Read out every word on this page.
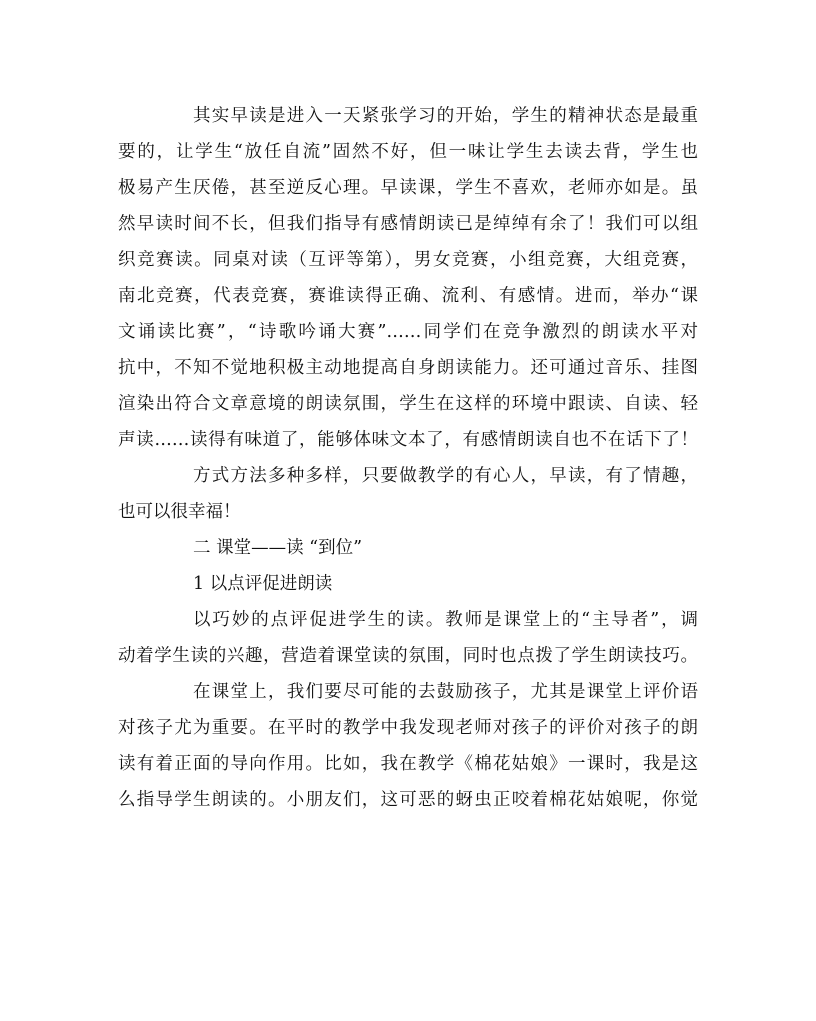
其实早读是进入一天紧张学习的开始，学生的精神状态是最重
要的，让学生“放任自流”固然不好，但一味让学生去读去背，学生也
极易产生厌倦，甚至逆反心理。早读课，学生不喜欢，老师亦如是。虽
然早读时间不长，但我们指导有感情朗读已是绰绰有余了！我们可以组
织竞赛读。同桌对读（互评等第），男女竞赛，小组竞赛，大组竞赛，
南北竞赛，代表竞赛，赛谁读得正确、流利、有感情。进而，举办“课
文诵读比赛”，“诗歌吟诵大赛”……同学们在竞争激烈的朗读水平对
抗中，不知不觉地积极主动地提高自身朗读能力。还可通过音乐、挂图
渲染出符合文章意境的朗读氛围，学生在这样的环境中跟读、自读、轻
声读……读得有味道了，能够体味文本了，有感情朗读自也不在话下了！
方式方法多种多样，只要做教学的有心人，早读，有了情趣，
也可以很幸福！
二 课堂——读 “到位”
1 以点评促进朗读
以巧妙的点评促进学生的读。教师是课堂上的“主导者”，调
动着学生读的兴趣，营造着课堂读的氛围，同时也点拨了学生朗读技巧。
在课堂上，我们要尽可能的去鼓励孩子，尤其是课堂上评价语
对孩子尤为重要。在平时的教学中我发现老师对孩子的评价对孩子的朗
读有着正面的导向作用。比如，我在教学《棉花姑娘》一课时，我是这
么指导学生朗读的。小朋友们，这可恶的蚜虫正咬着棉花姑娘呢，你觉
